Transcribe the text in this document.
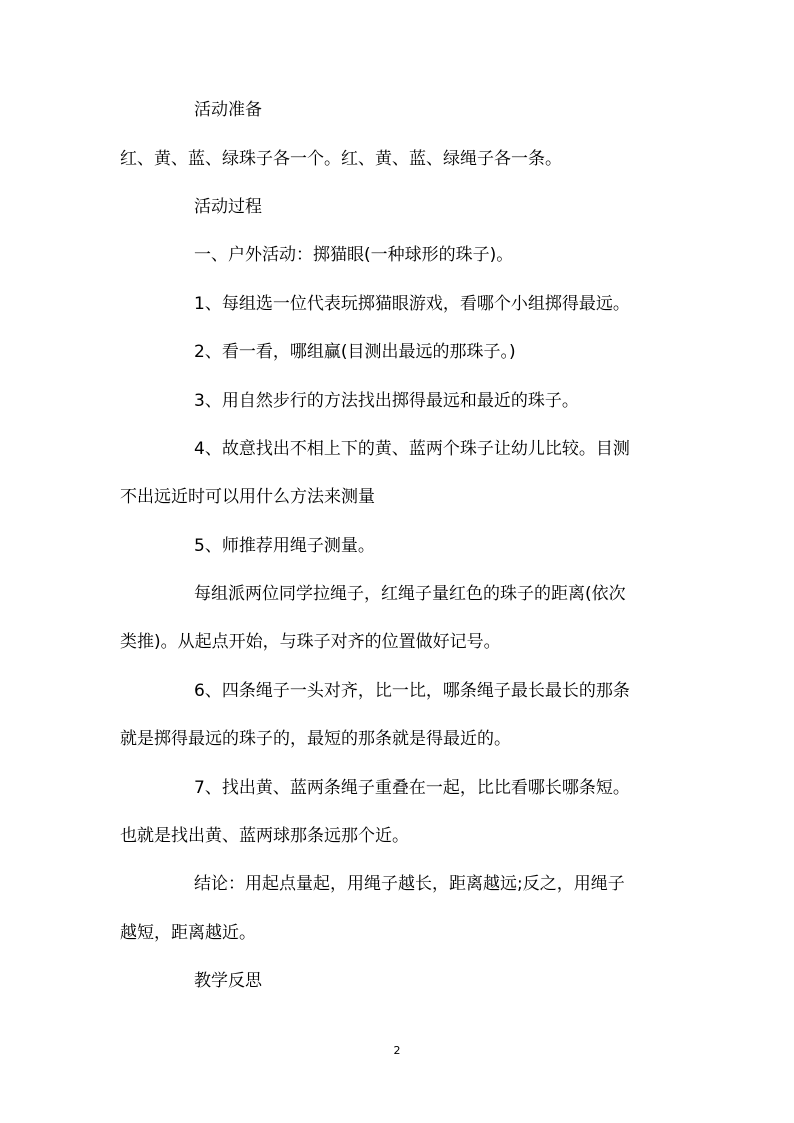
活动准备
红、黄、蓝、绿珠子各一个。红、黄、蓝、绿绳子各一条。
活动过程
一、户外活动：掷猫眼(一种球形的珠子)。
1、每组选一位代表玩掷猫眼游戏，看哪个小组掷得最远。
2、看一看，哪组赢(目测出最远的那珠子。)
3、用自然步行的方法找出掷得最远和最近的珠子。
4、故意找出不相上下的黄、蓝两个珠子让幼儿比较。目测
不出远近时可以用什么方法来测量
5、师推荐用绳子测量。
每组派两位同学拉绳子，红绳子量红色的珠子的距离(依次
类推)。从起点开始，与珠子对齐的位置做好记号。
6、四条绳子一头对齐，比一比，哪条绳子最长最长的那条
就是掷得最远的珠子的，最短的那条就是得最近的。
7、找出黄、蓝两条绳子重叠在一起，比比看哪长哪条短。
也就是找出黄、蓝两球那条远那个近。
结论：用起点量起，用绳子越长，距离越远;反之，用绳子
越短，距离越近。
教学反思
2
